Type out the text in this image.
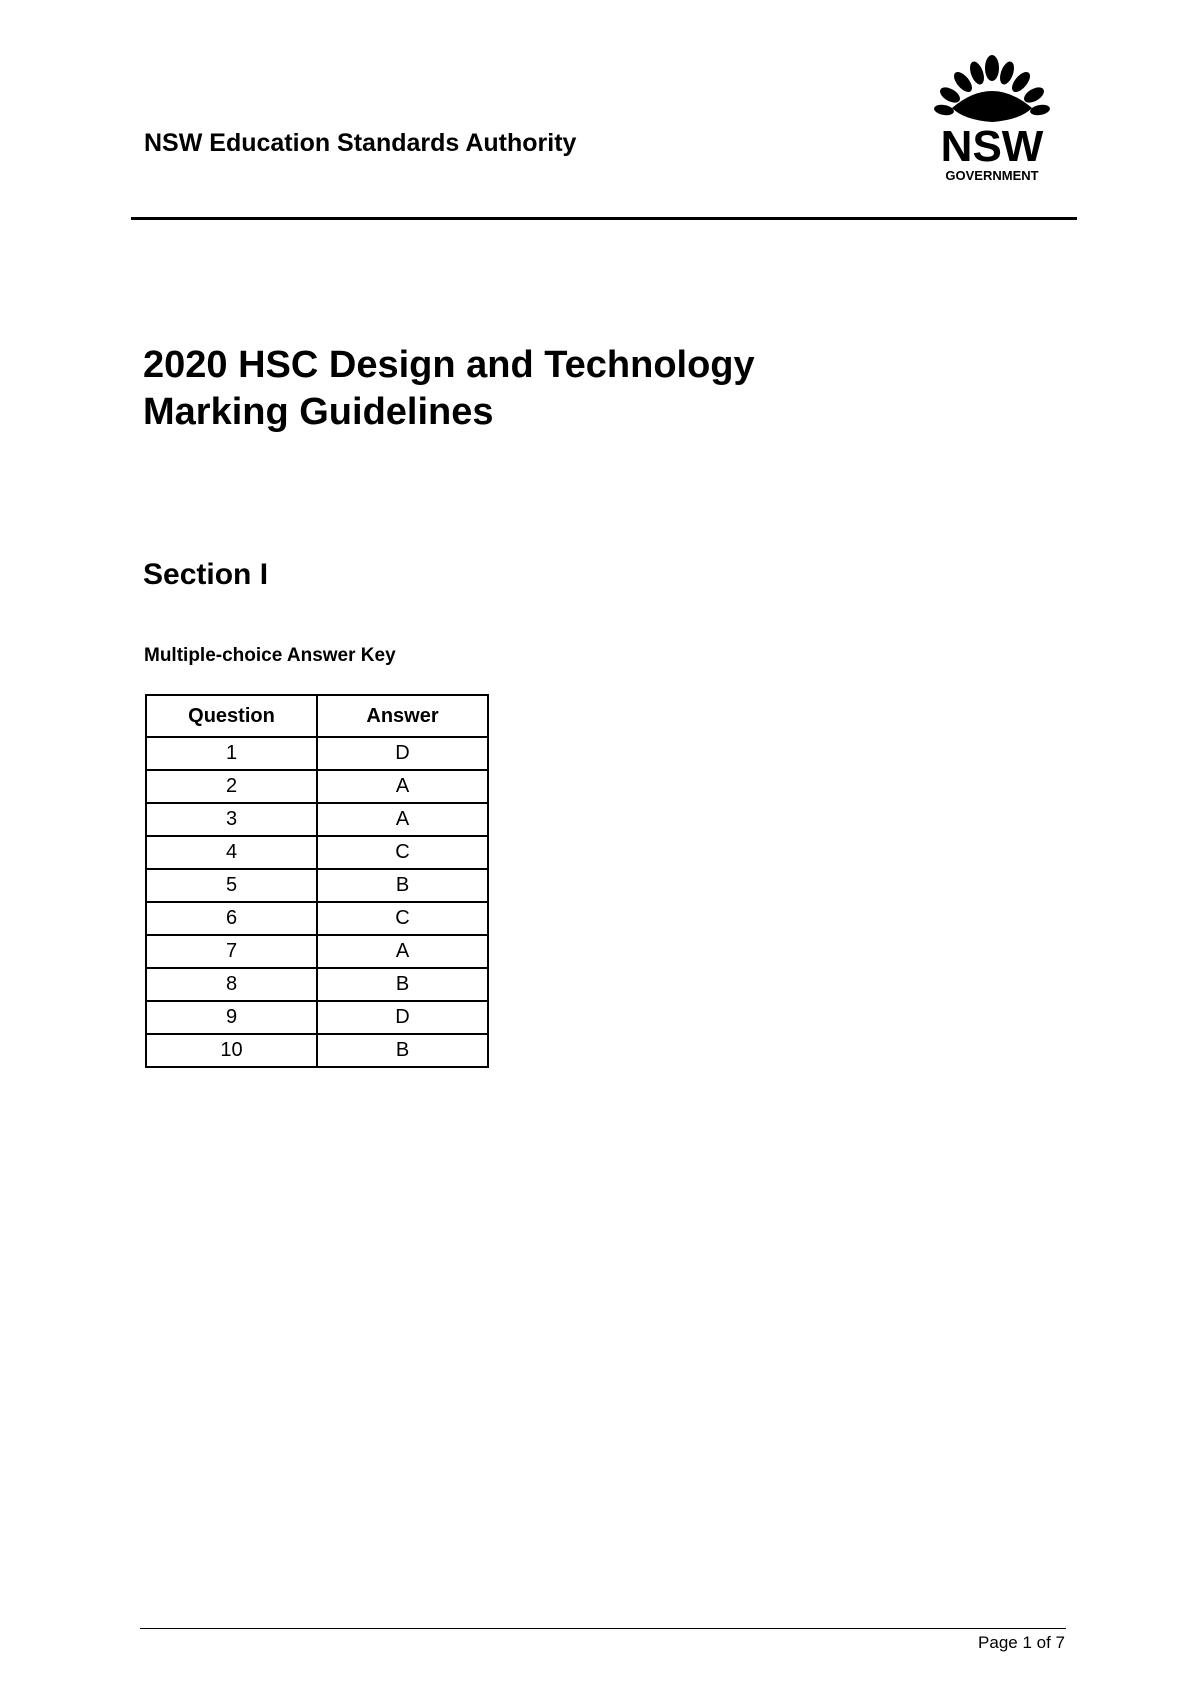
NSW Education Standards Authority	NSW
GOVERNMENT
2020 HSC Design and Technology
Marking Guidelines
Section I
Multiple-choice Answer Key
Question	Answer
1	D
2	A
3	A
4	C
5	B
6	C
7	A
8	B
9	D
10	B
Page 1 of 7
